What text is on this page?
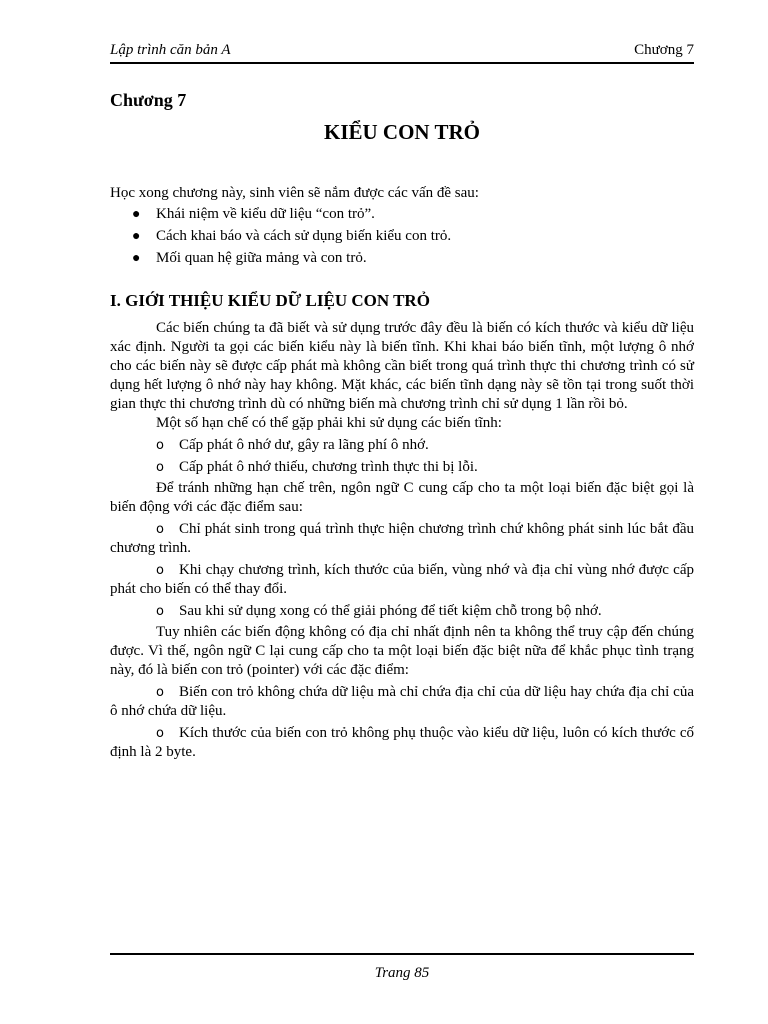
Lập trình căn bản A	Chương 7
Chương 7
KIỂU CON TRỎ
Học xong chương này, sinh viên sẽ nắm được các vấn đề sau:
● Khái niệm về kiểu dữ liệu “con trỏ”.
● Cách khai báo và cách sử dụng biến kiểu con trỏ.
● Mối quan hệ giữa mảng và con trỏ.
I. GIỚI THIỆU KIỂU DỮ LIỆU CON TRỎ

Các biến chúng ta đã biết và sử dụng trước đây đều là biến có kích thước và kiểu dữ liệu xác định. Người ta gọi các biến kiểu này là biến tĩnh. Khi khai báo biến tĩnh, một lượng ô nhớ cho các biến này sẽ được cấp phát mà không cần biết trong quá trình thực thi chương trình có sử dụng hết lượng ô nhớ này hay không. Mặt khác, các biến tĩnh dạng này sẽ tồn tại trong suốt thời gian thực thi chương trình dù có những biến mà chương trình chỉ sử dụng 1 lần rồi bỏ.

Một số hạn chế có thể gặp phải khi sử dụng các biến tĩnh:

o Cấp phát ô nhớ dư, gây ra lãng phí ô nhớ.
o Cấp phát ô nhớ thiếu, chương trình thực thi bị lỗi.

Để tránh những hạn chế trên, ngôn ngữ C cung cấp cho ta một loại biến đặc biệt gọi là biến động với các đặc điểm sau:

o Chỉ phát sinh trong quá trình thực hiện chương trình chứ không phát sinh lúc bắt đầu chương trình.
o Khi chạy chương trình, kích thước của biến, vùng nhớ và địa chỉ vùng nhớ được cấp phát cho biến có thể thay đổi.
o Sau khi sử dụng xong có thể giải phóng để tiết kiệm chỗ trong bộ nhớ.

Tuy nhiên các biến động không có địa chỉ nhất định nên ta không thể truy cập đến chúng được. Vì thế, ngôn ngữ C lại cung cấp cho ta một loại biến đặc biệt nữa để khắc phục tình trạng này, đó là biến con trỏ (pointer) với các đặc điểm:

o Biến con trỏ không chứa dữ liệu mà chỉ chứa địa chỉ của dữ liệu hay chứa địa chỉ của ô nhớ chứa dữ liệu.
o Kích thước của biến con trỏ không phụ thuộc vào kiểu dữ liệu, luôn có kích thước cố định là 2 byte.
Trang 85
